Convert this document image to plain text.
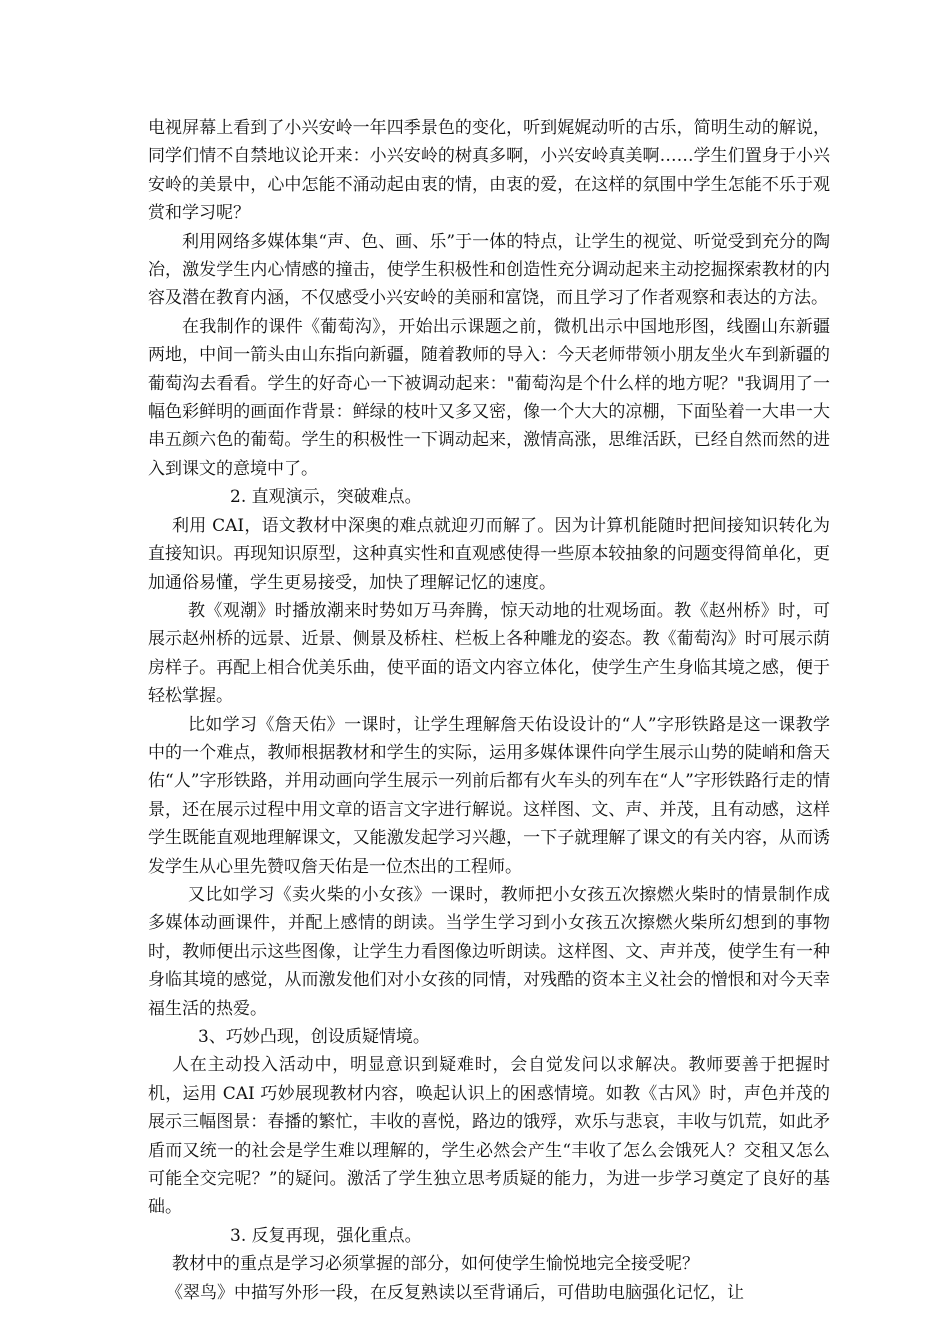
电视屏幕上看到了小兴安岭一年四季景色的变化，听到娓娓动听的古乐，简明生动的解说，同学们情不自禁地议论开来：小兴安岭的树真多啊，小兴安岭真美啊……学生们置身于小兴安岭的美景中，心中怎能不涌动起由衷的情，由衷的爱，在这样的氛围中学生怎能不乐于观赏和学习呢？

利用网络多媒体集“声、色、画、乐”于一体的特点，让学生的视觉、听觉受到充分的陶冶，激发学生内心情感的撞击，使学生积极性和创造性充分调动起来主动挖掘探索教材的内容及潜在教育内涵，不仅感受小兴安岭的美丽和富饶，而且学习了作者观察和表达的方法。

在我制作的课件《葡萄沟》，开始出示课题之前，微机出示中国地形图，线圈山东新疆两地，中间一箭头由山东指向新疆，随着教师的导入：今天老师带领小朋友坐火车到新疆的葡萄沟去看看。学生的好奇心一下被调动起来："葡萄沟是个什么样的地方呢？"我调用了一幅色彩鲜明的画面作背景：鲜绿的枝叶又多又密，像一个大大的凉棚，下面坠着一大串一大串五颜六色的葡萄。学生的积极性一下调动起来，激情高涨，思维活跃，已经自然而然的进入到课文的意境中了。

2. 直观演示，突破难点。

利用 CAI，语文教材中深奥的难点就迎刃而解了。因为计算机能随时把间接知识转化为直接知识。再现知识原型，这种真实性和直观感使得一些原本较抽象的问题变得简单化，更加通俗易懂，学生更易接受，加快了理解记忆的速度。

教《观潮》时播放潮来时势如万马奔腾，惊天动地的壮观场面。教《赵州桥》时，可展示赵州桥的远景、近景、侧景及桥柱、栏板上各种雕龙的姿态。教《葡萄沟》时可展示荫房样子。再配上相合优美乐曲，使平面的语文内容立体化，使学生产生身临其境之感，便于轻松掌握。

比如学习《詹天佑》一课时，让学生理解詹天佑设设计的“人”字形铁路是这一课教学中的一个难点，教师根据教材和学生的实际，运用多媒体课件向学生展示山势的陡峭和詹天佑“人”字形铁路，并用动画向学生展示一列前后都有火车头的列车在“人”字形铁路行走的情景，还在展示过程中用文章的语言文字进行解说。这样图、文、声、并茂，且有动感，这样学生既能直观地理解课文，又能激发起学习兴趣，一下子就理解了课文的有关内容，从而诱发学生从心里先赞叹詹天佑是一位杰出的工程师。

又比如学习《卖火柴的小女孩》一课时，教师把小女孩五次擦燃火柴时的情景制作成多媒体动画课件，并配上感情的朗读。当学生学习到小女孩五次擦燃火柴所幻想到的事物时，教师便出示这些图像，让学生力看图像边听朗读。这样图、文、声并茂，使学生有一种身临其境的感觉，从而激发他们对小女孩的同情，对残酷的资本主义社会的憎恨和对今天幸福生活的热爱。

3、巧妙凸现，创设质疑情境。

人在主动投入活动中，明显意识到疑难时，会自觉发问以求解决。教师要善于把握时机，运用 CAI 巧妙展现教材内容，唤起认识上的困惑情境。如教《古风》时，声色并茂的展示三幅图景：春播的繁忙，丰收的喜悦，路边的饿殍，欢乐与悲哀，丰收与饥荒，如此矛盾而又统一的社会是学生难以理解的，学生必然会产生“丰收了怎么会饿死人？交租又怎么可能全交完呢？”的疑问。激活了学生独立思考质疑的能力，为进一步学习奠定了良好的基础。

3. 反复再现，强化重点。

教材中的重点是学习必须掌握的部分，如何使学生愉悦地完全接受呢？

《翠鸟》中描写外形一段，在反复熟读以至背诵后，可借助电脑强化记忆，让
